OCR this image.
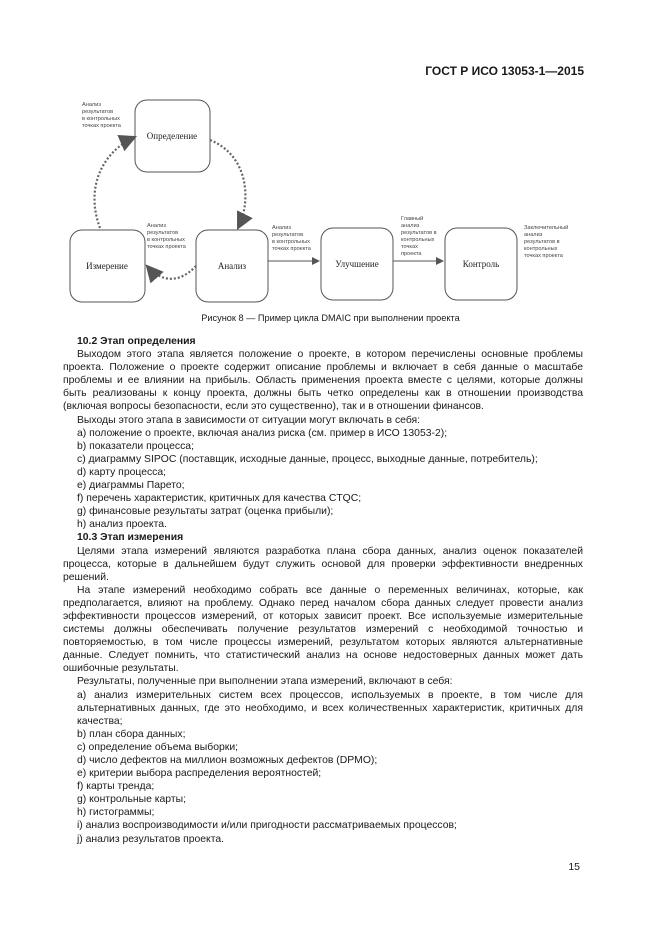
ГОСТ Р ИСО 13053-1—2015
Определение
Измерение	Анализ	Улучшение	Контроль
Анализ
результатов
в контрольных
точках проекта
Анализ
результатов
в контрольных
точках проекта
Анализ
результатов
в контрольных
точках проекта
Главный
анализ
результатов в
контрольных
точках
проекта
Заключительный
анализ
результатов в
контрольных
точках проекта
Рисунок 8 — Пример цикла DMAIC при выполнении проекта

10.2 Этап определения

Выходом этого этапа является положение о проекте, в котором перечислены основные проблемы проекта. Положение о проекте содержит описание проблемы и включает в себя данные о масштабе проблемы и ее влиянии на прибыль. Область применения проекта вместе с целями, которые должны быть реализованы к концу проекта, должны быть четко определены как в отношении производства (включая вопросы безопасности, если это существенно), так и в отношении финансов.

Выходы этого этапа в зависимости от ситуации могут включать в себя:

a) положение о проекте, включая анализ риска (см. пример в ИСО 13053-2);

b) показатели процесса;

c) диаграмму SIPOC (поставщик, исходные данные, процесс, выходные данные, потребитель);

d) карту процесса;

e) диаграммы Парето;

f) перечень характеристик, критичных для качества CTQC;

g) финансовые результаты затрат (оценка прибыли);

h) анализ проекта.

10.3 Этап измерения

Целями этапа измерений являются разработка плана сбора данных, анализ оценок показателей процесса, которые в дальнейшем будут служить основой для проверки эффективности внедренных решений.

На этапе измерений необходимо собрать все данные о переменных величинах, которые, как предполагается, влияют на проблему. Однако перед началом сбора данных следует провести анализ эффективности процессов измерений, от которых зависит проект. Все используемые измерительные системы должны обеспечивать получение результатов измерений с необходимой точностью и повторяемостью, в том числе процессы измерений, результатом которых являются альтернативные данные. Следует помнить, что статистический анализ на основе недостоверных данных может дать ошибочные результаты.

Результаты, полученные при выполнении этапа измерений, включают в себя:

a) анализ измерительных систем всех процессов, используемых в проекте, в том числе для альтернативных данных, где это необходимо, и всех количественных характеристик, критичных для качества;

b) план сбора данных;

c) определение объема выборки;

d) число дефектов на миллион возможных дефектов (DPMO);

e) критерии выбора распределения вероятностей;

f) карты тренда;

g) контрольные карты;

h) гистограммы;

i) анализ воспроизводимости и/или пригодности рассматриваемых процессов;

j) анализ результатов проекта.

15
